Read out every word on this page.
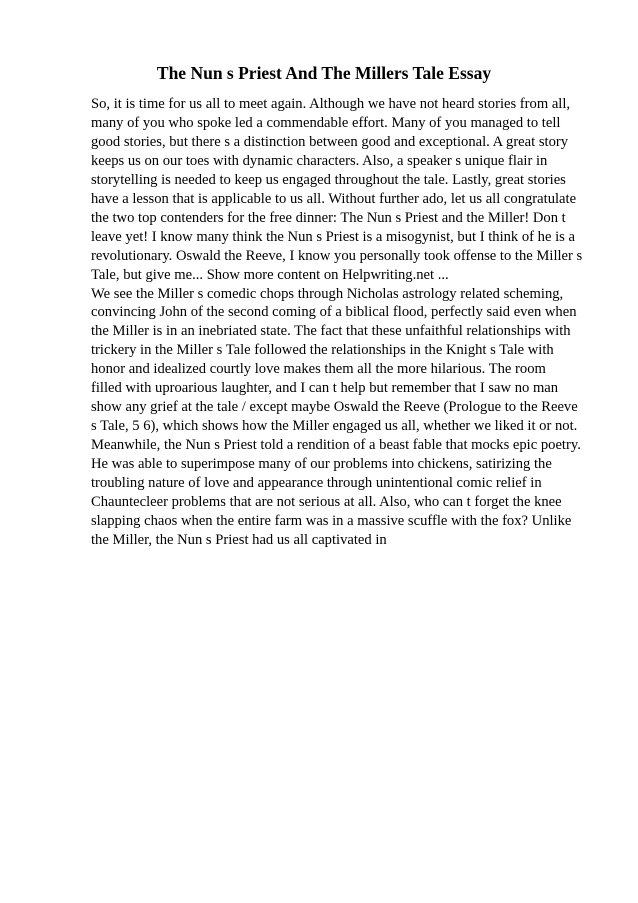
The Nun s Priest And The Millers Tale Essay
So, it is time for us all to meet again. Although we have not heard stories from all,
many of you who spoke led a commendable effort. Many of you managed to tell
good stories, but there s a distinction between good and exceptional. A great story
keeps us on our toes with dynamic characters. Also, a speaker s unique flair in
storytelling is needed to keep us engaged throughout the tale. Lastly, great stories
have a lesson that is applicable to us all. Without further ado, let us all congratulate
the two top contenders for the free dinner: The Nun s Priest and the Miller! Don t
leave yet! I know many think the Nun s Priest is a misogynist, but I think of he is a
revolutionary. Oswald the Reeve, I know you personally took offense to the Miller s
Tale, but give me... Show more content on Helpwriting.net ...
We see the Miller s comedic chops through Nicholas astrology related scheming,
convincing John of the second coming of a biblical flood, perfectly said even when
the Miller is in an inebriated state. The fact that these unfaithful relationships with
trickery in the Miller s Tale followed the relationships in the Knight s Tale with
honor and idealized courtly love makes them all the more hilarious. The room
filled with uproarious laughter, and I can t help but remember that I saw no man
show any grief at the tale / except maybe Oswald the Reeve (Prologue to the Reeve
s Tale, 5 6), which shows how the Miller engaged us all, whether we liked it or not.
Meanwhile, the Nun s Priest told a rendition of a beast fable that mocks epic poetry.
He was able to superimpose many of our problems into chickens, satirizing the
troubling nature of love and appearance through unintentional comic relief in
Chauntecleer problems that are not serious at all. Also, who can t forget the knee
slapping chaos when the entire farm was in a massive scuffle with the fox? Unlike
the Miller, the Nun s Priest had us all captivated in
